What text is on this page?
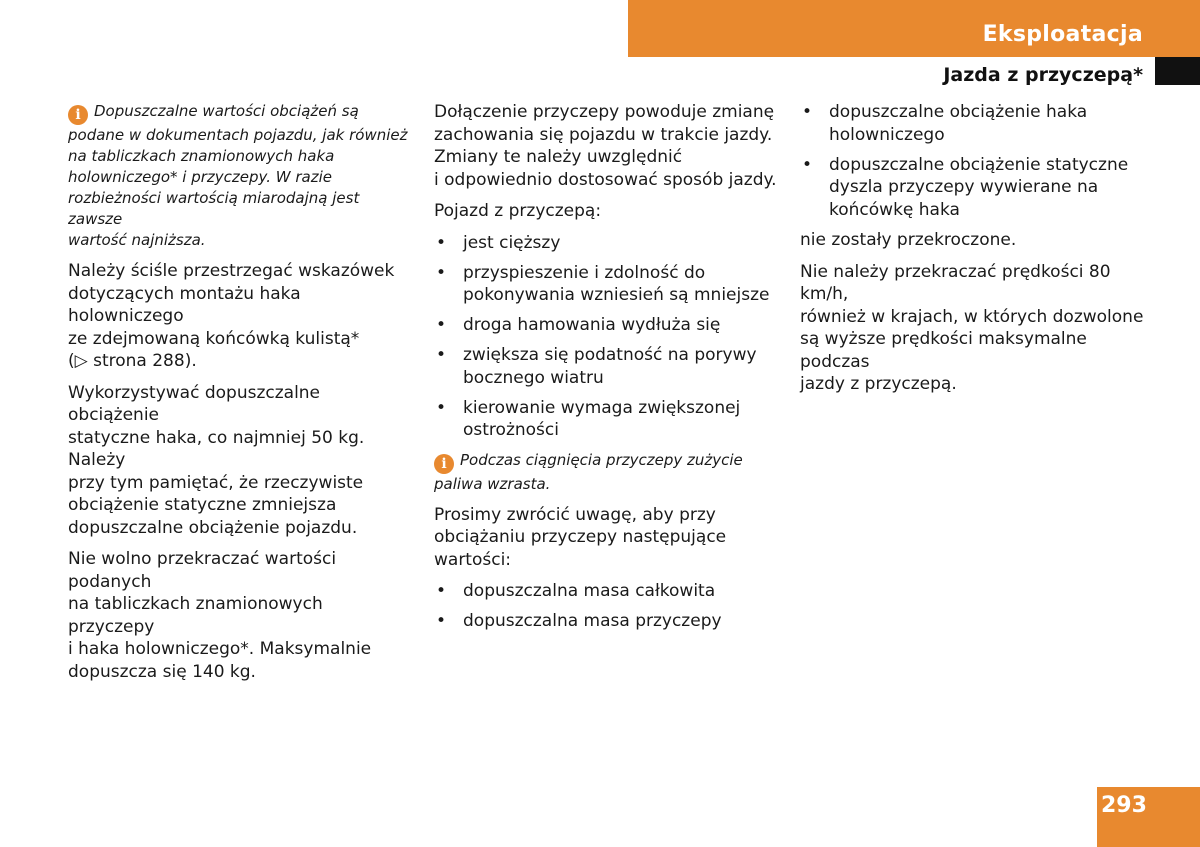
Eksploatacja
Jazda z przyczepą*
i Dopuszczalne wartości obciążeń są
podane w dokumentach pojazdu, jak również
na tabliczkach znamionowych haka
holowniczego* i przyczepy. W razie
rozbieżności wartością miarodajną jest zawsze
wartość najniższa.

Należy ściśle przestrzegać wskazówek
dotyczących montażu haka holowniczego
ze zdejmowaną końcówką kulistą*
(▷ strona 288).

Wykorzystywać dopuszczalne obciążenie
statyczne haka, co najmniej 50 kg. Należy
przy tym pamiętać, że rzeczywiste
obciążenie statyczne zmniejsza
dopuszczalne obciążenie pojazdu.

Nie wolno przekraczać wartości podanych
na tabliczkach znamionowych przyczepy
i haka holowniczego*. Maksymalnie
dopuszcza się 140 kg.

Dołączenie przyczepy powoduje zmianę
zachowania się pojazdu w trakcie jazdy.
Zmiany te należy uwzględnić
i odpowiednio dostosować sposób jazdy.

Pojazd z przyczepą:

• jest cięższy
• przyspieszenie i zdolność do
pokonywania wzniesień są mniejsze
• droga hamowania wydłuża się
• zwiększa się podatność na porywy
bocznego wiatru
• kierowanie wymaga zwiększonej
ostrożności
i Podczas ciągnięcia przyczepy zużycie
paliwa wzrasta.

Prosimy zwrócić uwagę, aby przy
obciążaniu przyczepy następujące
wartości:

• dopuszczalna masa całkowita
• dopuszczalna masa przyczepy
• dopuszczalne obciążenie haka
holowniczego
• dopuszczalne obciążenie statyczne
dyszla przyczepy wywierane na
końcówkę haka

nie zostały przekroczone.

Nie należy przekraczać prędkości 80 km/h,
również w krajach, w których dozwolone
są wyższe prędkości maksymalne podczas
jazdy z przyczepą.

293
